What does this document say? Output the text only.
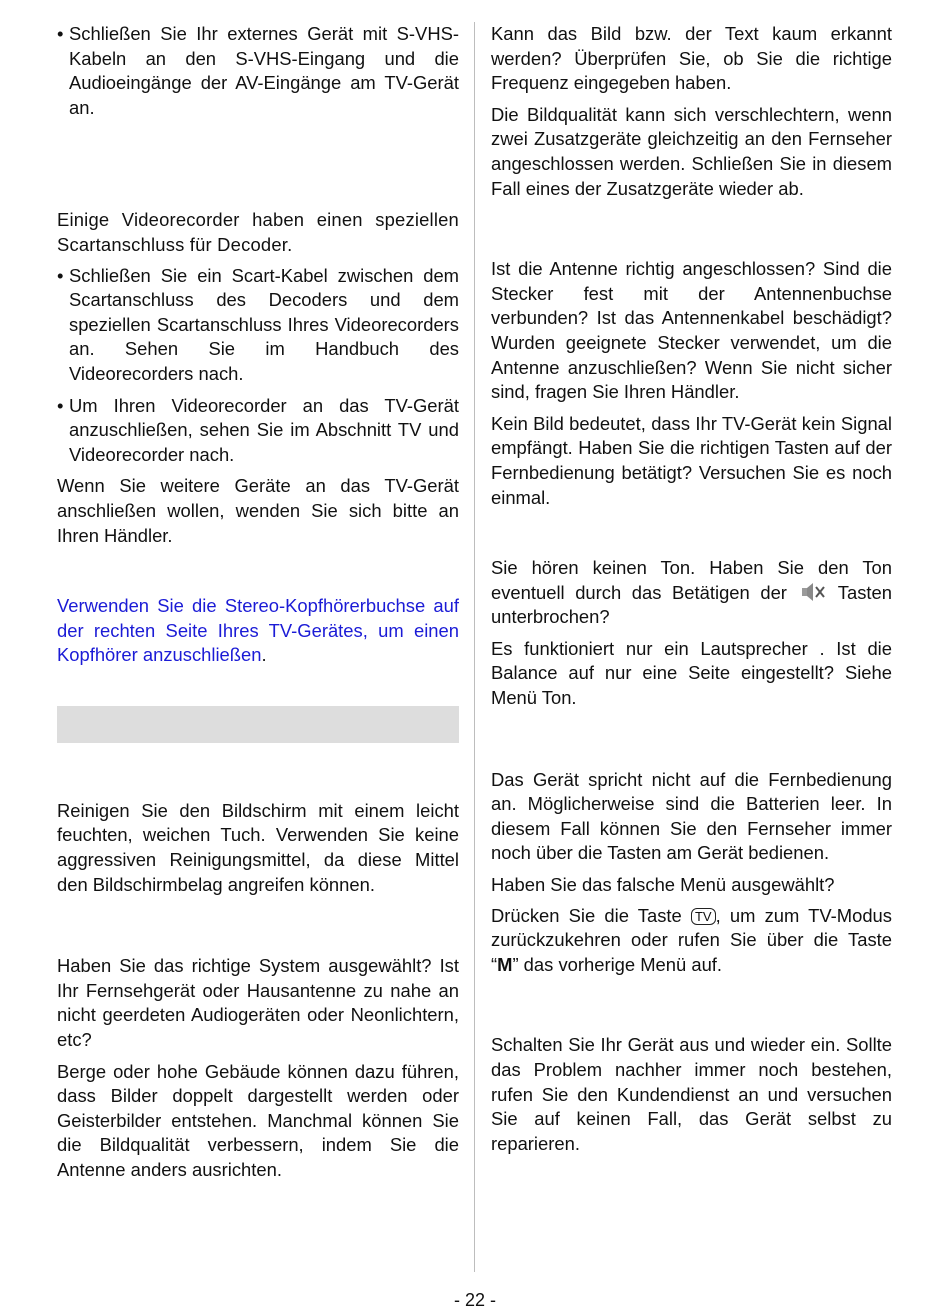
• Schließen Sie Ihr externes Gerät mit S-VHS-Kabeln an den S-VHS-Eingang und die Audioeingänge der AV-Eingänge am TV-Gerät an.

Einige Videorecorder haben einen speziellen Scartanschluss für Decoder.

• Schließen Sie ein Scart-Kabel zwischen dem Scartanschluss des Decoders und dem speziellen Scartanschluss Ihres Videorecorders an. Sehen Sie im Handbuch des Videorecorders nach.

• Um Ihren Videorecorder an das TV-Gerät anzuschließen, sehen Sie im Abschnitt TV und Videorecorder nach.

Wenn Sie weitere Geräte an das TV-Gerät anschließen wollen, wenden Sie sich bitte an Ihren Händler.

Verwenden Sie die Stereo-Kopfhörerbuchse auf der rechten Seite Ihres TV-Gerätes, um einen Kopfhörer anzuschließen.

Reinigen Sie den Bildschirm mit einem leicht feuchten, weichen Tuch. Verwenden Sie keine aggressiven Reinigungsmittel, da diese Mittel den Bildschirmbelag angreifen können.

Haben Sie das richtige System ausgewählt? Ist Ihr Fernsehgerät oder Hausantenne zu nahe an nicht geerdeten Audiogeräten oder Neonlichtern, etc?

Berge oder hohe Gebäude können dazu führen, dass Bilder doppelt dargestellt werden oder Geisterbilder entstehen. Manchmal können Sie die Bildqualität verbessern, indem Sie die Antenne anders ausrichten.

Kann das Bild bzw. der Text kaum erkannt werden? Überprüfen Sie, ob Sie die richtige Frequenz eingegeben haben.

Die Bildqualität kann sich verschlechtern, wenn zwei Zusatzgeräte gleichzeitig an den Fernseher angeschlossen werden. Schließen Sie in diesem Fall eines der Zusatzgeräte wieder ab.

Ist die Antenne richtig angeschlossen? Sind die Stecker fest mit der Antennenbuchse verbunden? Ist das Antennenkabel beschädigt? Wurden geeignete Stecker verwendet, um die Antenne anzuschließen? Wenn Sie nicht sicher sind, fragen Sie Ihren Händler.

Kein Bild bedeutet, dass Ihr TV-Gerät kein Signal empfängt. Haben Sie die richtigen Tasten auf der Fernbedienung betätigt? Versuchen Sie es noch einmal.

Sie hören keinen Ton. Haben Sie den Ton eventuell durch das Betätigen der	Tasten unterbrochen?

Es funktioniert nur ein Lautsprecher . Ist die Balance auf nur eine Seite eingestellt? Siehe Menü Ton.

Das Gerät spricht nicht auf die Fernbedienung an. Möglicherweise sind die Batterien leer. In diesem Fall können Sie den Fernseher immer noch über die Tasten am Gerät bedienen.

Haben Sie das falsche Menü ausgewählt?

Drücken Sie die Taste TV , um zum TV-Modus zurückzukehren oder rufen Sie über die Taste “M” das vorherige Menü auf.

Schalten Sie Ihr Gerät aus und wieder ein. Sollte das Problem nachher immer noch bestehen, rufen Sie den Kundendienst an und versuchen Sie auf keinen Fall, das Gerät selbst zu reparieren.

- 22 -
